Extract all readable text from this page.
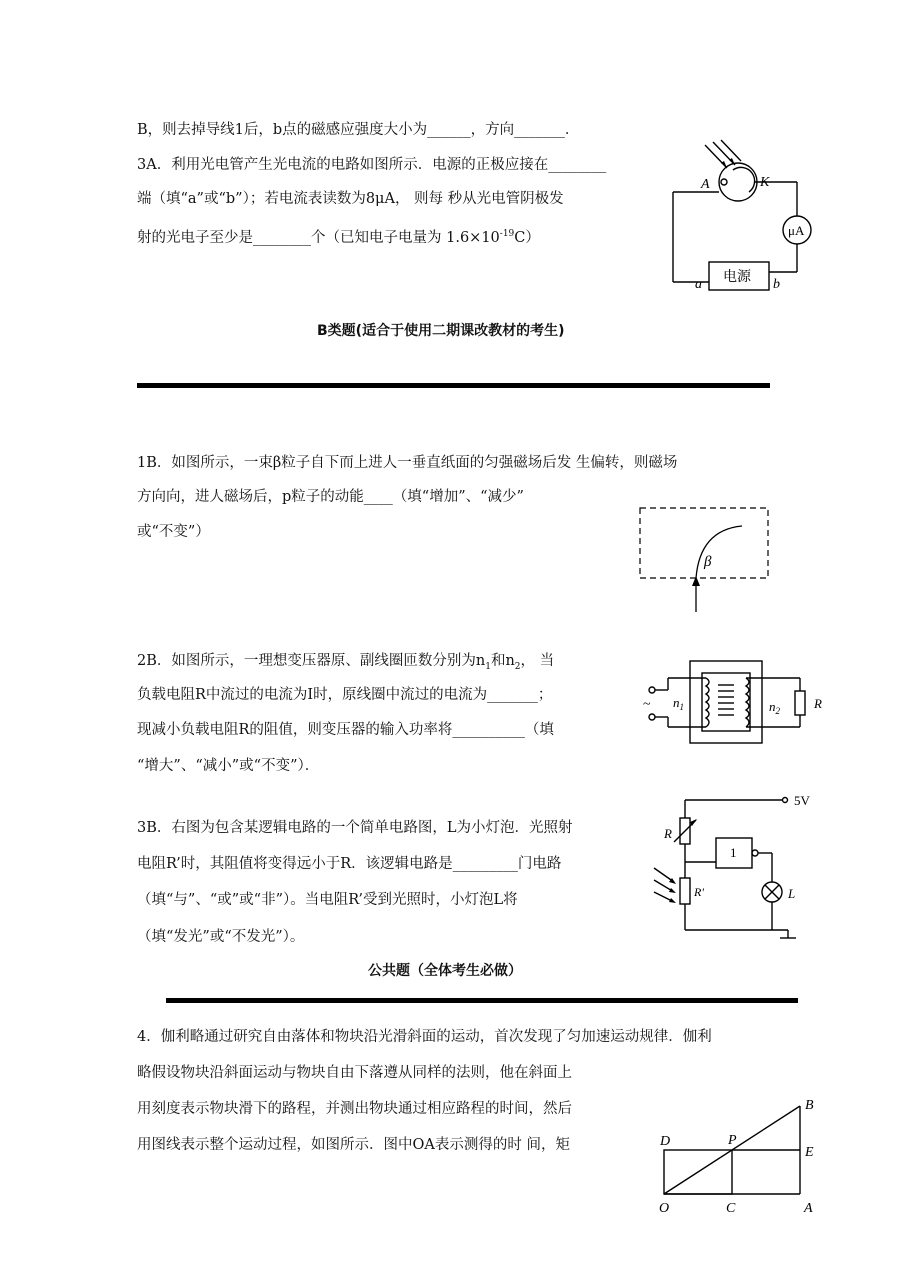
B，则去掉导线1后，b点的磁感应强度大小为______，方向_______．
3A．利用光电管产生光电流的电路如图所示．电源的正极应接在________
端（填“a”或“b”）；若电流表读数为8μA， 则每 秒从光电管阴极发
射的光电子至少是________个（已知电子电量为 $1.6\times 10^{-19}C$）
B类题(适合于使用二期课改教材的考生)
1B．如图所示，一束β粒子自下而上进人一垂直纸面的匀强磁场后发 生偏转，则磁场
方向向，进人磁场后，p粒子的动能____（填“增加”、“减少”
或“不变”）
2B．如图所示，一理想变压器原、副线圈匝数分别为$n_1$和$n_2$， 当
负载电阻R中流过的电流为I时，原线圈中流过的电流为_______；
现减小负载电阻R的阻值，则变压器的输入功率将__________（填
“增大”、“减小”或“不变”）．
3B．右图为包含某逻辑电路的一个简单电路图，L为小灯泡．光照射
电阻R’时，其阻值将变得远小于R．该逻辑电路是_________门电路
（填“与”、“或”或“非”）。当电阻R’受到光照时，小灯泡L将
（填“发光”或“不发光”）。
公共题（全体考生必做）
4．伽利略通过研究自由落体和物块沿光滑斜面的运动，首次发现了匀加速运动规律．伽利
略假设物块沿斜面运动与物块自由下落遵从同样的法则，他在斜面上
用刻度表示物块滑下的路程，并测出物块通过相应路程的时间，然后
用图线表示整个运动过程，如图所示．图中OA表示测得的时 间，矩
A	K
μA
电源
a	b
β
~ $n_1$	$n_2$	R
5V
R
R'
1
L
B
D	P
E
O	C	A
